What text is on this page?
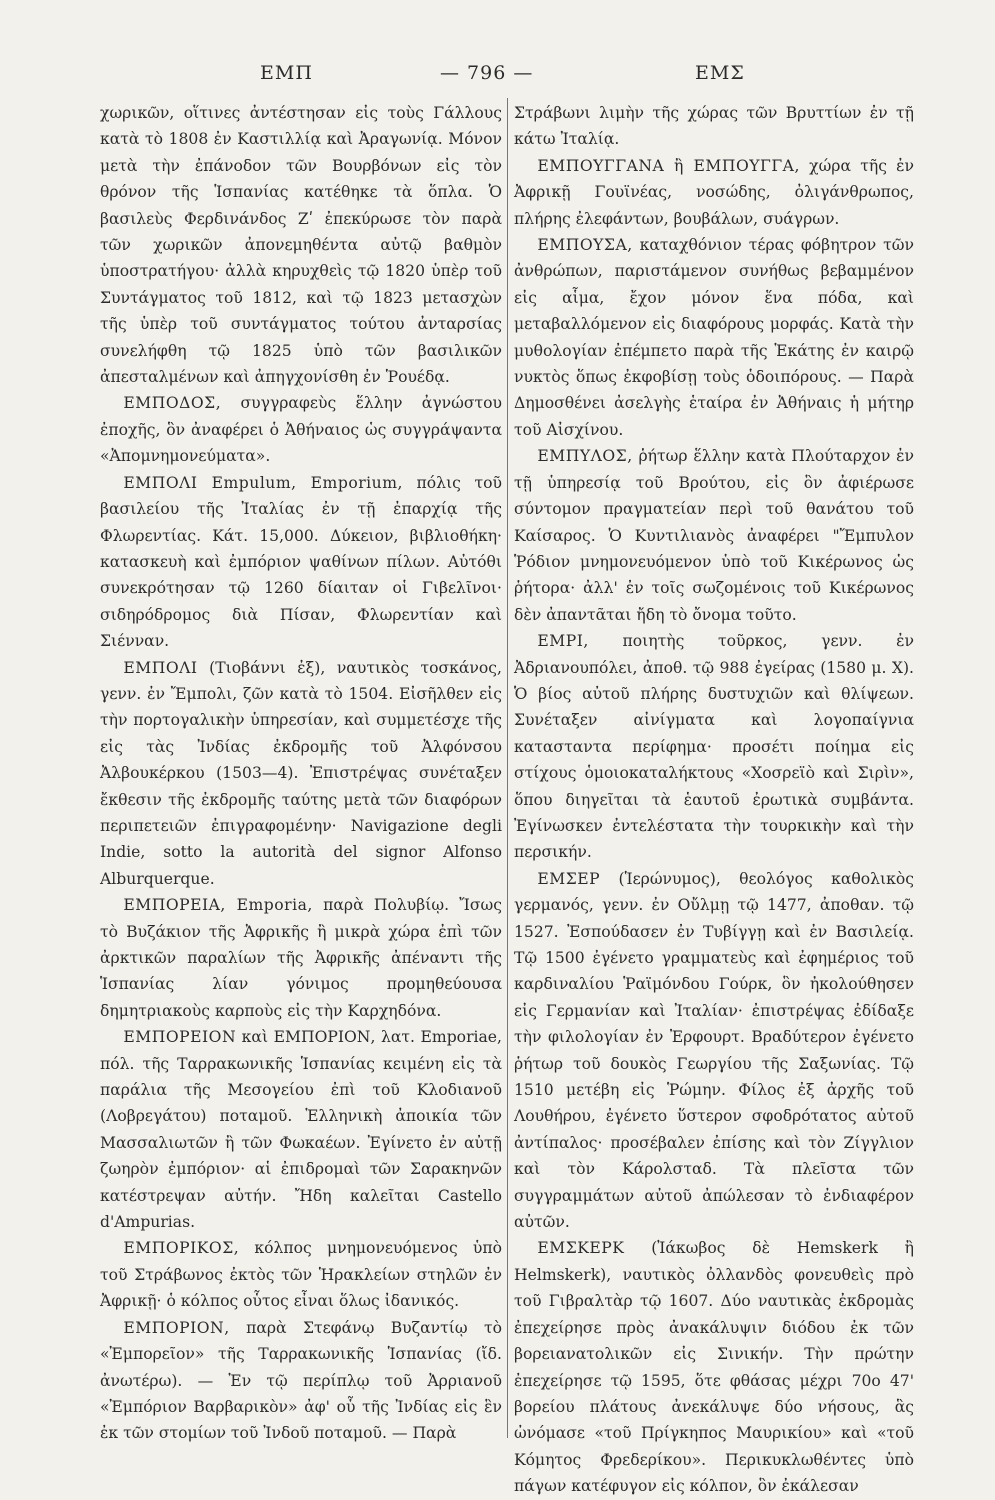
ΕΜΠ	— 796 —	ΕΜΣ

χωρικῶν, οἵτινες ἀντέστησαν εἰς τοὺς Γάλλους κατὰ τὸ 1808 ἐν Καστιλλίᾳ καὶ Ἀραγωνίᾳ. Μόνον μετὰ τὴν ἐπάνοδον τῶν Βουρβόνων εἰς τὸν θρόνον τῆς Ἱσπανίας κατέθηκε τὰ ὅπλα. Ὁ βασιλεὺς Φερδινάνδος Ζʹ ἐπεκύρωσε τὸν παρὰ τῶν χωρικῶν ἀπονεμηθέντα αὐτῷ βαθμὸν ὑποστρατήγου· ἀλλὰ κηρυχθεὶς τῷ 1820 ὑπὲρ τοῦ Συντάγματος τοῦ 1812, καὶ τῷ 1823 μετασχὼν τῆς ὑπὲρ τοῦ συντάγματος τούτου ἀνταρσίας συνελήφθη τῷ 1825 ὑπὸ τῶν βασιλικῶν ἀπεσταλμένων καὶ ἀπηγχονίσθη ἐν Ῥουέδᾳ.

ΕΜΠΟΔΟΣ, συγγραφεὺς ἕλλην ἀγνώστου ἐποχῆς, ὃν ἀναφέρει ὁ Ἀθήναιος ὡς συγγράψαντα «Ἀπομνημονεύματα».

ΕΜΠΟΛΙ Empulum, Emporium, πόλις τοῦ βασιλείου τῆς Ἰταλίας ἐν τῇ ἐπαρχίᾳ τῆς Φλωρεντίας. Κάτ. 15,000. Δύκειον, βιβλιοθήκη· κατασκευὴ καὶ ἐμπόριον ψαθίνων πίλων. Αὐτόθι συνεκρότησαν τῷ 1260 δίαιταν οἱ Γιβελῖνοι· σιδηρόδρομος διὰ Πίσαν, Φλωρεντίαν καὶ Σιένναν.

ΕΜΠΟΛΙ (Τιοβάννι ἐξ), ναυτικὸς τοσκάνος, γενν. ἐν Ἔμπολι, ζῶν κατὰ τὸ 1504. Εἰσῆλθεν εἰς τὴν πορτογαλικὴν ὑπηρεσίαν, καὶ συμμετέσχε τῆς εἰς τὰς Ἰνδίας ἐκδρομῆς τοῦ Ἀλφόνσου Ἀλβουκέρκου (1503—4). Ἐπιστρέψας συνέταξεν ἔκθεσιν τῆς ἐκδρομῆς ταύτης μετὰ τῶν διαφόρων περιπετειῶν ἐπιγραφομένην· Navigazione degli Indie, sotto la autorità del signor Alfonso Alburquerque.

ΕΜΠΟΡΕΙΑ, Emporia, παρὰ Πολυβίῳ. Ἴσως τὸ Βυζάκιον τῆς Ἀφρικῆς ἢ μικρὰ χώρα ἐπὶ τῶν ἀρκτικῶν παραλίων τῆς Ἀφρικῆς ἀπέναντι τῆς Ἱσπανίας λίαν γόνιμος προμηθεύουσα δημητριακοὺς καρποὺς εἰς τὴν Καρχηδόνα.

ΕΜΠΟΡΕΙΟΝ καὶ ΕΜΠΟΡΙΟΝ, λατ. Emporiae, πόλ. τῆς Ταρρακωνικῆς Ἱσπανίας κειμένη εἰς τὰ παράλια τῆς Μεσογείου ἐπὶ τοῦ Κλοδιανοῦ (Λοβρεγάτου) ποταμοῦ. Ἑλληνικὴ ἀποικία τῶν Μασσαλιωτῶν ἢ τῶν Φωκαέων. Ἐγίνετο ἐν αὐτῇ ζωηρὸν ἐμπόριον· αἱ ἐπιδρομαὶ τῶν Σαρακηνῶν κατέστρεψαν αὐτήν. Ἤδη καλεῖται Castello d'Ampurias.

ΕΜΠΟΡΙΚΟΣ, κόλπος μνημονευόμενος ὑπὸ τοῦ Στράβωνος ἐκτὸς τῶν Ἡρακλείων στηλῶν ἐν Ἀφρικῇ· ὁ κόλπος οὗτος εἶναι ὅλως ἰδανικός.

ΕΜΠΟΡΙΟΝ, παρὰ Στεφάνῳ Βυζαντίῳ τὸ «Ἐμπορεῖον» τῆς Ταρρακωνικῆς Ἱσπανίας (ἴδ. ἀνωτέρω). — Ἐν τῷ περίπλῳ τοῦ Ἀρριανοῦ «Ἐμπόριον Βαρβαρικὸν» ἀφ' οὗ τῆς Ἰνδίας εἰς ἓν ἐκ τῶν στομίων τοῦ Ἰνδοῦ ποταμοῦ. — Παρὰ

Στράβωνι λιμὴν τῆς χώρας τῶν Βρυττίων ἐν τῇ κάτω Ἰταλίᾳ.

ΕΜΠΟΥΓΓΑΝΑ ἢ ΕΜΠΟΥΓΓΑ, χώρα τῆς ἐν Ἀφρικῇ Γουϊνέας, νοσώδης, ὀλιγάνθρωπος, πλήρης ἐλεφάντων, βουβάλων, συάγρων.

ΕΜΠΟΥΣΑ, καταχθόνιον τέρας φόβητρον τῶν ἀνθρώπων, παριστάμενον συνήθως βεβαμμένον εἰς αἷμα, ἔχον μόνον ἕνα πόδα, καὶ μεταβαλλόμενον εἰς διαφόρους μορφάς. Κατὰ τὴν μυθολογίαν ἐπέμπετο παρὰ τῆς Ἑκάτης ἐν καιρῷ νυκτὸς ὅπως ἐκφοβίσῃ τοὺς ὁδοιπόρους. — Παρὰ Δημοσθένει ἀσελγὴς ἑταίρα ἐν Ἀθήναις ἡ μήτηρ τοῦ Αἰσχίνου.

ΕΜΠΥΛΟΣ, ῥήτωρ ἕλλην κατὰ Πλούταρχον ἐν τῇ ὑπηρεσίᾳ τοῦ Βρούτου, εἰς ὃν ἀφιέρωσε σύντομον πραγματείαν περὶ τοῦ θανάτου τοῦ Καίσαρος. Ὁ Κυντιλιανὸς ἀναφέρει "Ἔμπυλον Ῥόδιον μνημονευόμενον ὑπὸ τοῦ Κικέρωνος ὡς ῥήτορα· ἀλλ' ἐν τοῖς σωζομένοις τοῦ Κικέρωνος δὲν ἀπαντᾶται ἤδη τὸ ὄνομα τοῦτο.

ΕΜΡΙ, ποιητὴς τοῦρκος, γενν. ἐν Ἀδριανουπόλει, ἀποθ. τῷ 988 ἐγείρας (1580 μ. Χ). Ὁ βίος αὐτοῦ πλήρης δυστυχιῶν καὶ θλίψεων. Συνέταξεν αἰνίγματα καὶ λογοπαίγνια κατασταντα περίφημα· προσέτι ποίημα εἰς στίχους ὁμοιοκαταλήκτους «Χοσρεϊὸ καὶ Σιρὶν», ὅπου διηγεῖται τὰ ἑαυτοῦ ἐρωτικὰ συμβάντα. Ἐγίνωσκεν ἐντελέστατα τὴν τουρκικὴν καὶ τὴν περσικήν.

ΕΜΣΕΡ (Ἱερώνυμος), θεολόγος καθολικὸς γερμανός, γενν. ἐν Οὔλμῃ τῷ 1477, ἀποθαν. τῷ 1527. Ἐσπούδασεν ἐν Τυβίγγῃ καὶ ἐν Βασιλείᾳ. Τῷ 1500 ἐγένετο γραμματεὺς καὶ ἐφημέριος τοῦ καρδιναλίου Ῥαϊμόνδου Γούρκ, ὃν ἠκολούθησεν εἰς Γερμανίαν καὶ Ἰταλίαν· ἐπιστρέψας ἐδίδαξε τὴν φιλολογίαν ἐν Ἐρφουρτ. Βραδύτερον ἐγένετο ῥήτωρ τοῦ δουκὸς Γεωργίου τῆς Σαξωνίας. Τῷ 1510 μετέβη εἰς Ῥώμην. Φίλος ἐξ ἀρχῆς τοῦ Λουθήρου, ἐγένετο ὕστερον σφοδρότατος αὐτοῦ ἀντίπαλος· προσέβαλεν ἐπίσης καὶ τὸν Ζίγγλιον καὶ τὸν Κάρολσταδ. Τὰ πλεῖστα τῶν συγγραμμάτων αὐτοῦ ἀπώλεσαν τὸ ἐνδιαφέρον αὐτῶν.

ΕΜΣΚΕΡΚ (Ἰάκωβος δὲ Hemskerk ἢ Helmskerk), ναυτικὸς ὀλλανδὸς φονευθεὶς πρὸ τοῦ Γιβραλτὰρ τῷ 1607. Δύο ναυτικὰς ἐκδρομὰς ἐπεχείρησε πρὸς ἀνακάλυψιν διόδου ἐκ τῶν βορειανατολικῶν εἰς Σινικήν. Τὴν πρώτην ἐπεχείρησε τῷ 1595, ὅτε φθάσας μέχρι 70ο 47' βορείου πλάτους ἀνεκάλυψε δύο νήσους, ἃς ὠνόμασε «τοῦ Πρίγκηπος Μαυρικίου» καὶ «τοῦ Κόμητος Φρεδερίκου». Περικυκλωθέντες ὑπὸ πάγων κατέφυγον εἰς κόλπον, ὃν ἐκάλεσαν
